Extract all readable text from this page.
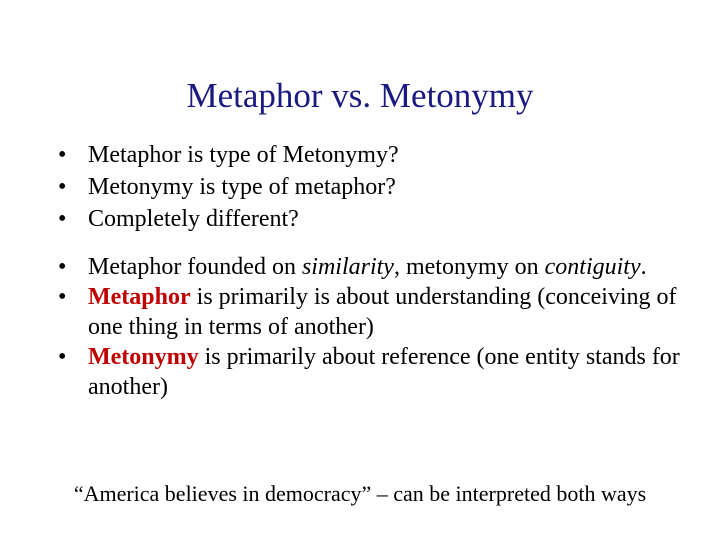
Metaphor vs. Metonymy
• Metaphor is type of Metonymy?
• Metonymy is type of metaphor?
• Completely different?
• Metaphor founded on similarity, metonymy on contiguity.
• Metaphor is primarily is about understanding (conceiving of one thing in terms of another)
• Metonymy is primarily about reference (one entity stands for another)
“America believes in democracy” – can be interpreted both ways
